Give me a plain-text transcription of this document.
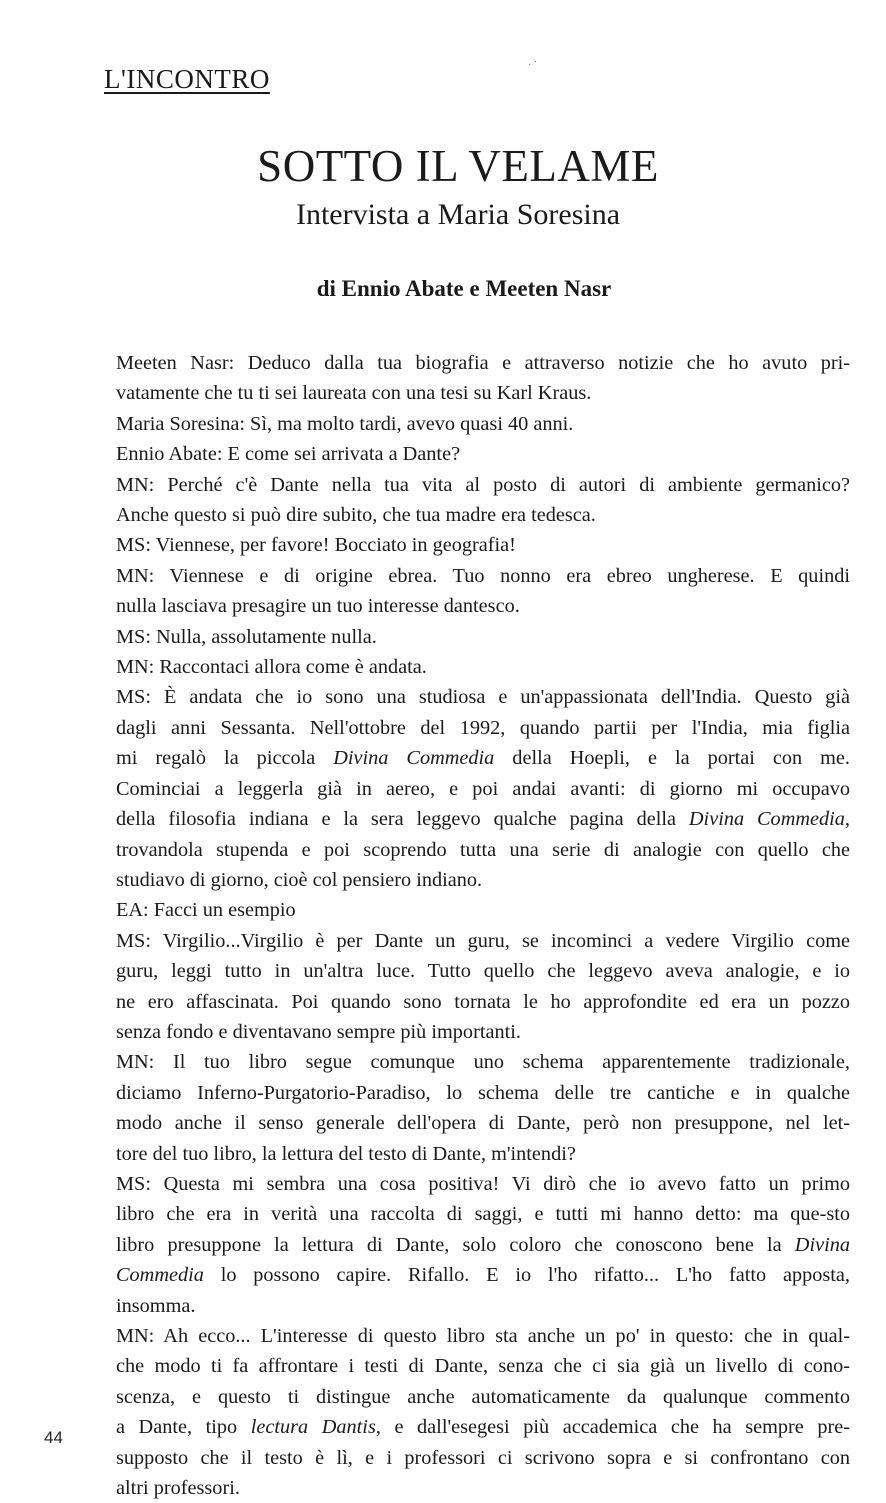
L'INCONTRO	· ˙
SOTTO IL VELAME
Intervista a Maria Soresina
di Ennio Abate e Meeten Nasr
Meeten Nasr: Deduco dalla tua biografia e attraverso notizie che ho avuto pri-
vatamente che tu ti sei laureata con una tesi su Karl Kraus.
Maria Soresina: Sì, ma molto tardi, avevo quasi 40 anni.
Ennio Abate: E come sei arrivata a Dante?
MN: Perché c'è Dante nella tua vita al posto di autori di ambiente germanico?
Anche questo si può dire subito, che tua madre era tedesca.
MS: Viennese, per favore! Bocciato in geografia!
MN: Viennese e di origine ebrea. Tuo nonno era ebreo ungherese. E quindi
nulla lasciava presagire un tuo interesse dantesco.
MS: Nulla, assolutamente nulla.
MN: Raccontaci allora come è andata.
MS: È andata che io sono una studiosa e un'appassionata dell'India. Questo già
dagli anni Sessanta. Nell'ottobre del 1992, quando partii per l'India, mia figlia
mi regalò la piccola Divina Commedia della Hoepli, e la portai con me.
Cominciai a leggerla già in aereo, e poi andai avanti: di giorno mi occupavo
della filosofia indiana e la sera leggevo qualche pagina della Divina Commedia,
trovandola stupenda e poi scoprendo tutta una serie di analogie con quello che
studiavo di giorno, cioè col pensiero indiano.
EA: Facci un esempio
MS: Virgilio...Virgilio è per Dante un guru, se incominci a vedere Virgilio come
guru, leggi tutto in un'altra luce. Tutto quello che leggevo aveva analogie, e io
ne ero affascinata. Poi quando sono tornata le ho approfondite ed era un pozzo
senza fondo e diventavano sempre più importanti.
MN: Il tuo libro segue comunque uno schema apparentemente tradizionale,
diciamo Inferno-Purgatorio-Paradiso, lo schema delle tre cantiche e in qualche
modo anche il senso generale dell'opera di Dante, però non presuppone, nel let-
tore del tuo libro, la lettura del testo di Dante, m'intendi?
MS: Questa mi sembra una cosa positiva! Vi dirò che io avevo fatto un primo
libro che era in verità una raccolta di saggi, e tutti mi hanno detto: ma que-sto
libro presuppone la lettura di Dante, solo coloro che conoscono bene la Divina
Commedia lo possono capire. Rifallo. E io l'ho rifatto... L'ho fatto apposta,
insomma.
MN: Ah ecco... L'interesse di questo libro sta anche un po' in questo: che in qual-
che modo ti fa affrontare i testi di Dante, senza che ci sia già un livello di cono-
scenza, e questo ti distingue anche automaticamente da qualunque commento
a Dante, tipo lectura Dantis, e dall'esegesi più accademica che ha sempre pre-
supposto che il testo è lì, e i professori ci scrivono sopra e si confrontano con
altri professori.
44
